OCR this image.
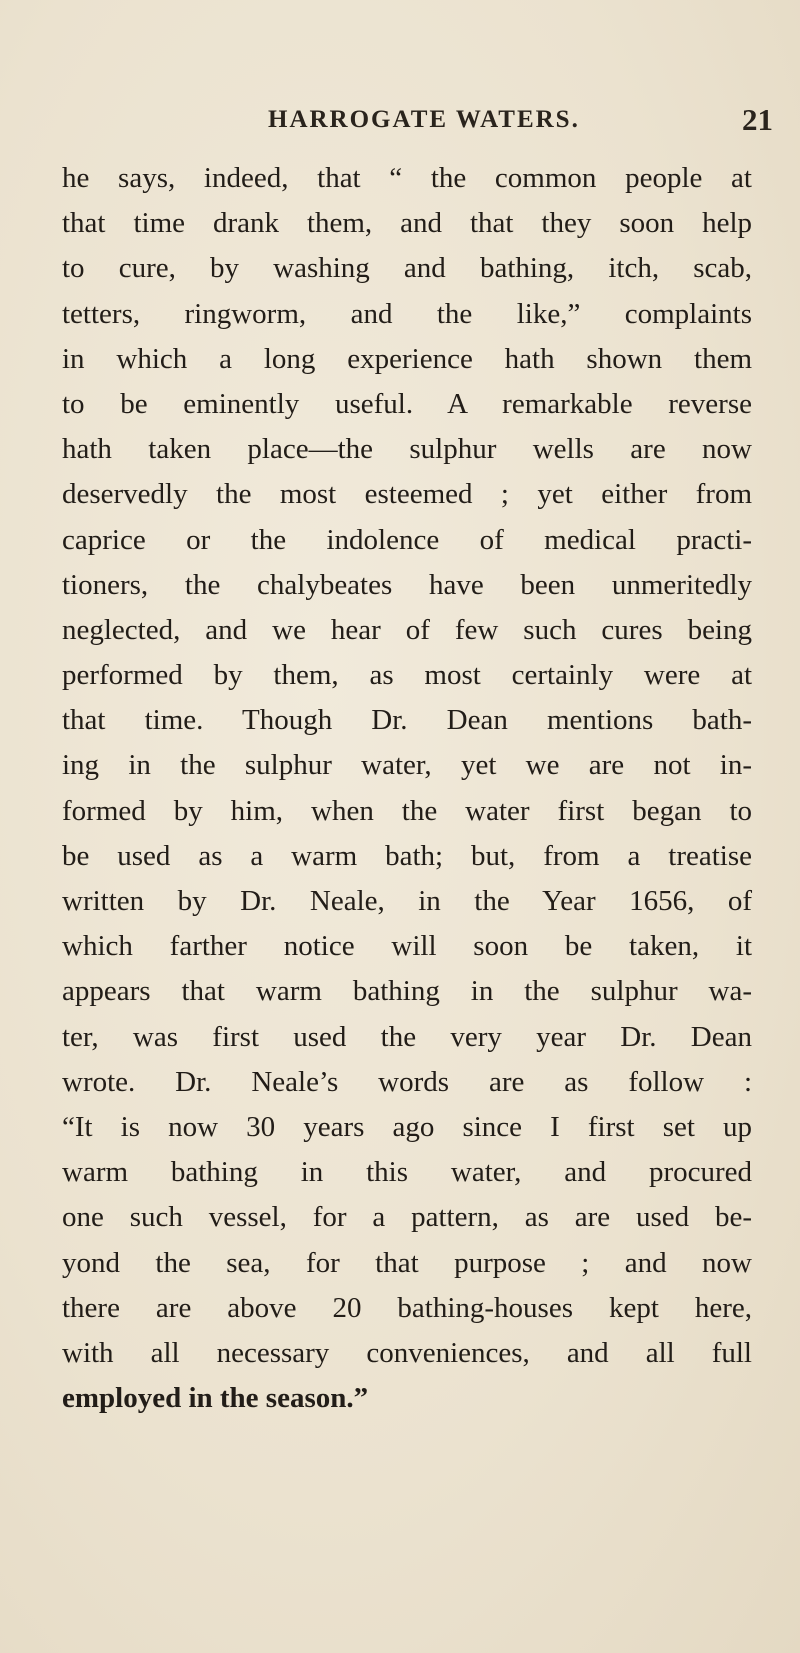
HARROGATE WATERS.	21
he says, indeed, that “ the common people at
that time drank them, and that they soon help
to cure, by washing and bathing, itch, scab,
tetters, ringworm, and the like,” complaints
in which a long experience hath shown them
to be eminently useful. A remarkable reverse
hath taken place—the sulphur wells are now
deservedly the most esteemed ; yet either from
caprice or the indolence of medical practi-
tioners, the chalybeates have been unmeritedly
neglected, and we hear of few such cures being
performed by them, as most certainly were at
that time. Though Dr. Dean mentions bath-
ing in the sulphur water, yet we are not in-
formed by him, when the water first began to
be used as a warm bath; but, from a treatise
written by Dr. Neale, in the Year 1656, of
which farther notice will soon be taken, it
appears that warm bathing in the sulphur wa-
ter, was first used the very year Dr. Dean
wrote. Dr. Neale’s words are as follow :
“It is now 30 years ago since I first set up
warm bathing in this water, and procured
one such vessel, for a pattern, as are used be-
yond the sea, for that purpose ; and now
there are above 20 bathing-houses kept here,
with all necessary conveniences, and all full
employed in the season.”
